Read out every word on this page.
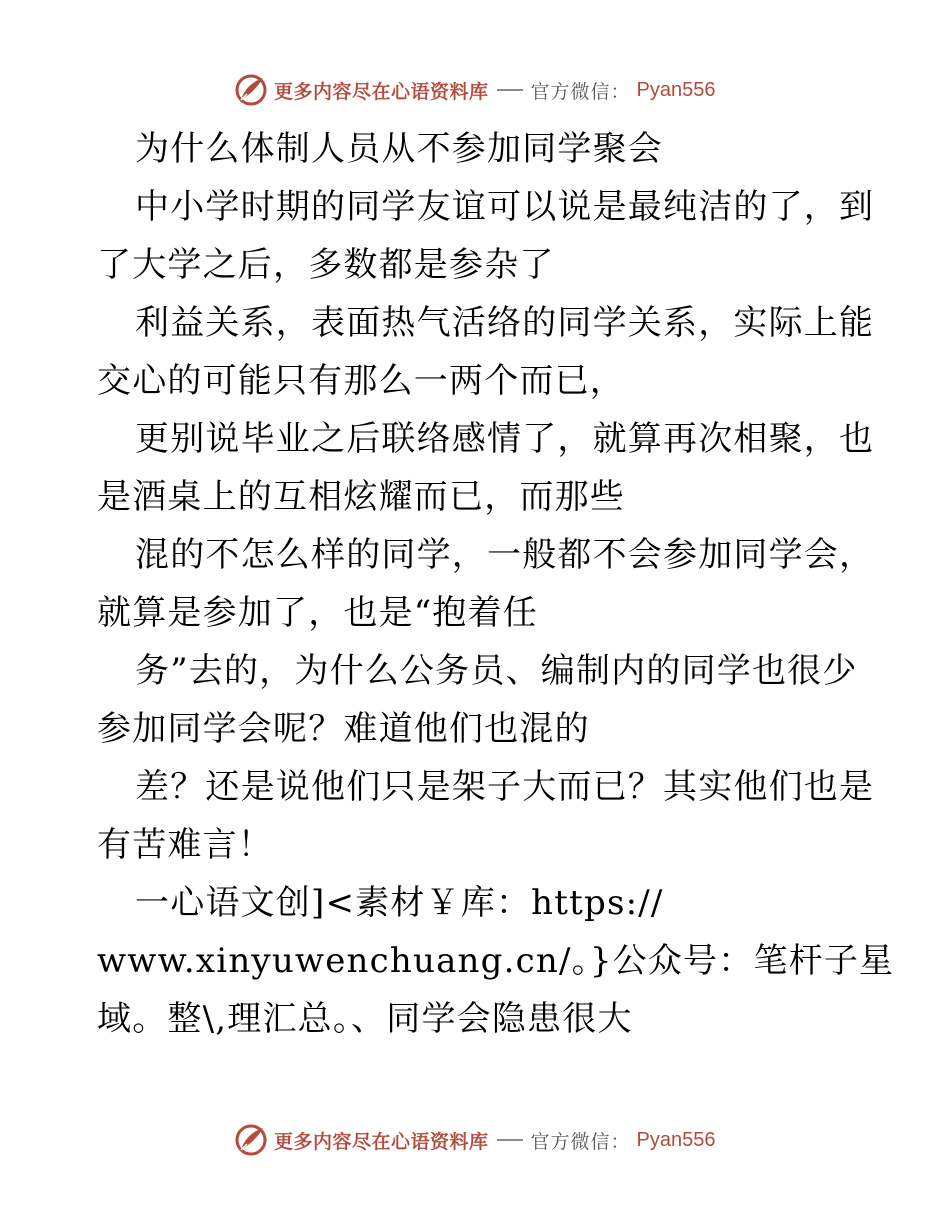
更多内容尽在心语资料库 官方微信： Pyan556
为什么体制人员从不参加同学聚会
中小学时期的同学友谊可以说是最纯洁的了，到
了大学之后，多数都是参杂了
利益关系，表面热气活络的同学关系，实际上能
交心的可能只有那么一两个而已，
更别说毕业之后联络感情了，就算再次相聚，也
是酒桌上的互相炫耀而已，而那些
混的不怎么样的同学，一般都不会参加同学会，
就算是参加了，也是“抱着任
务”去的，为什么公务员、编制内的同学也很少
参加同学会呢？难道他们也混的
差？还是说他们只是架子大而已？其实他们也是
有苦难言！
一心语文创]<素材￥库：https://
www.xinyuwenchuang.cn/。}公众号：笔杆子星
域。整\,理汇总。、同学会隐患很大
更多内容尽在心语资料库 官方微信： Pyan556
